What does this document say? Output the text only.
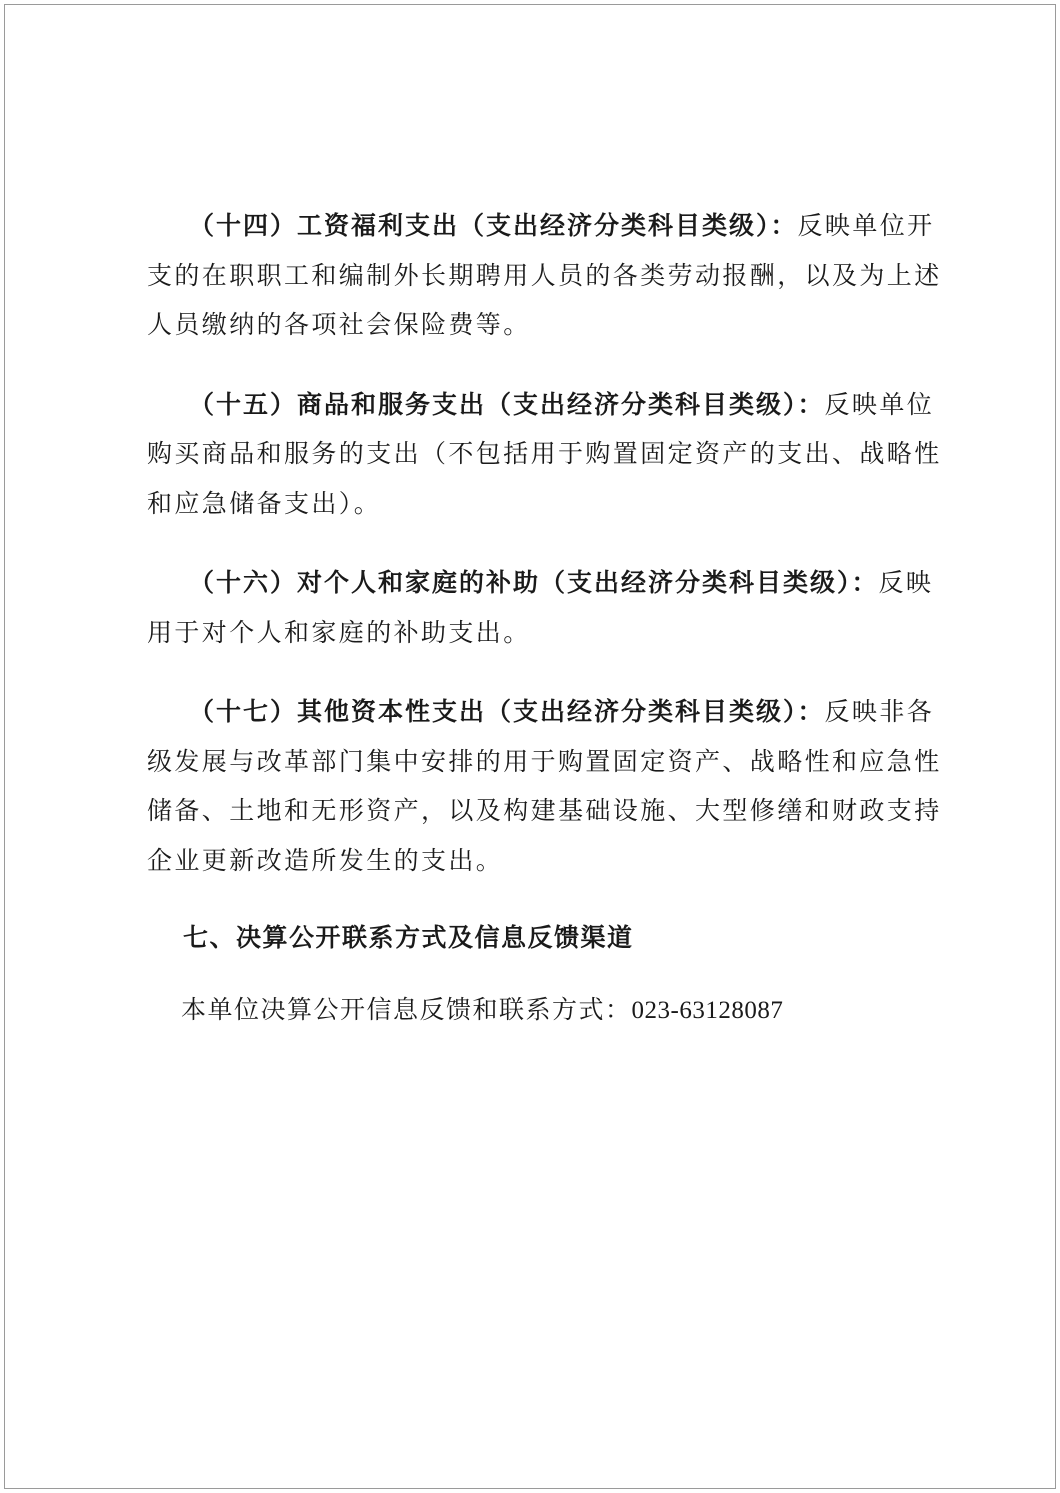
（十四）工资福利支出（支出经济分类科目类级）：反映单位开支的在职职工和编制外长期聘用人员的各类劳动报酬，以及为上述人员缴纳的各项社会保险费等。

（十五）商品和服务支出（支出经济分类科目类级）：反映单位购买商品和服务的支出（不包括用于购置固定资产的支出、战略性和应急储备支出）。

（十六）对个人和家庭的补助（支出经济分类科目类级）：反映用于对个人和家庭的补助支出。

（十七）其他资本性支出（支出经济分类科目类级）：反映非各级发展与改革部门集中安排的用于购置固定资产、战略性和应急性储备、土地和无形资产，以及构建基础设施、大型修缮和财政支持企业更新改造所发生的支出。

七、决算公开联系方式及信息反馈渠道

本单位决算公开信息反馈和联系方式：023-63128087
